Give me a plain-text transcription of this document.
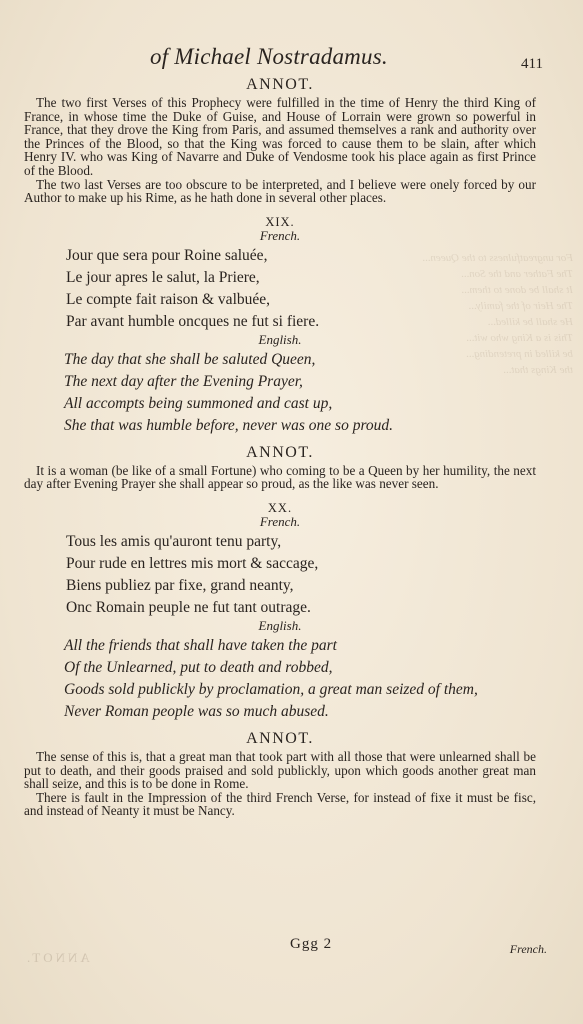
For ungreatfulness to the Queen...
The Father and the Son...
It shall be done to them...
The Heir of the family...
He shall be killed...
This is a King who wit...
be killed in pretending...
the Kings that...
ANNOT.
of Michael Nostradamus.	411
ANNOT.
The two first Verses of this Prophecy were fulfilled in the time of Henry the third King of France, in whose time the Duke of Guise, and House of Lorrain were grown so powerful in France, that they drove the King from Paris, and assumed themselves a rank and authority over the Princes of the Blood, so that the King was forced to cause them to be slain, after which Henry IV. who was King of Navarre and Duke of Vendosme took his place again as first Prince of the Blood.
The two last Verses are too obscure to be interpreted, and I believe were onely forced by our Author to make up his Rime, as he hath done in several other places.
XIX.
French.
Jour que sera pour Roine saluée,
Le jour apres le salut, la Priere,
Le compte fait raison & valbuée,
Par avant humble oncques ne fut si fiere.
English.
The day that she shall be saluted Queen,
The next day after the Evening Prayer,
All accompts being summoned and cast up,
She that was humble before, never was one so proud.
ANNOT.
It is a woman (be like of a small Fortune) who coming to be a Queen by her humility, the next day after Evening Prayer she shall appear so proud, as the like was never seen.
XX.
French.
Tous les amis qu'auront tenu party,
Pour rude en lettres mis mort & saccage,
Biens publiez par fixe, grand neanty,
Onc Romain peuple ne fut tant outrage.
English.
All the friends that shall have taken the part
Of the Unlearned, put to death and robbed,
Goods sold publickly by proclamation, a great man seized of them,
Never Roman people was so much abused.
ANNOT.
The sense of this is, that a great man that took part with all those that were unlearned shall be put to death, and their goods praised and sold publickly, upon which goods another great man shall seize, and this is to be done in Rome.
There is fault in the Impression of the third French Verse, for instead of fixe it must be fisc, and instead of Neanty it must be Nancy.
Ggg 2	French.
